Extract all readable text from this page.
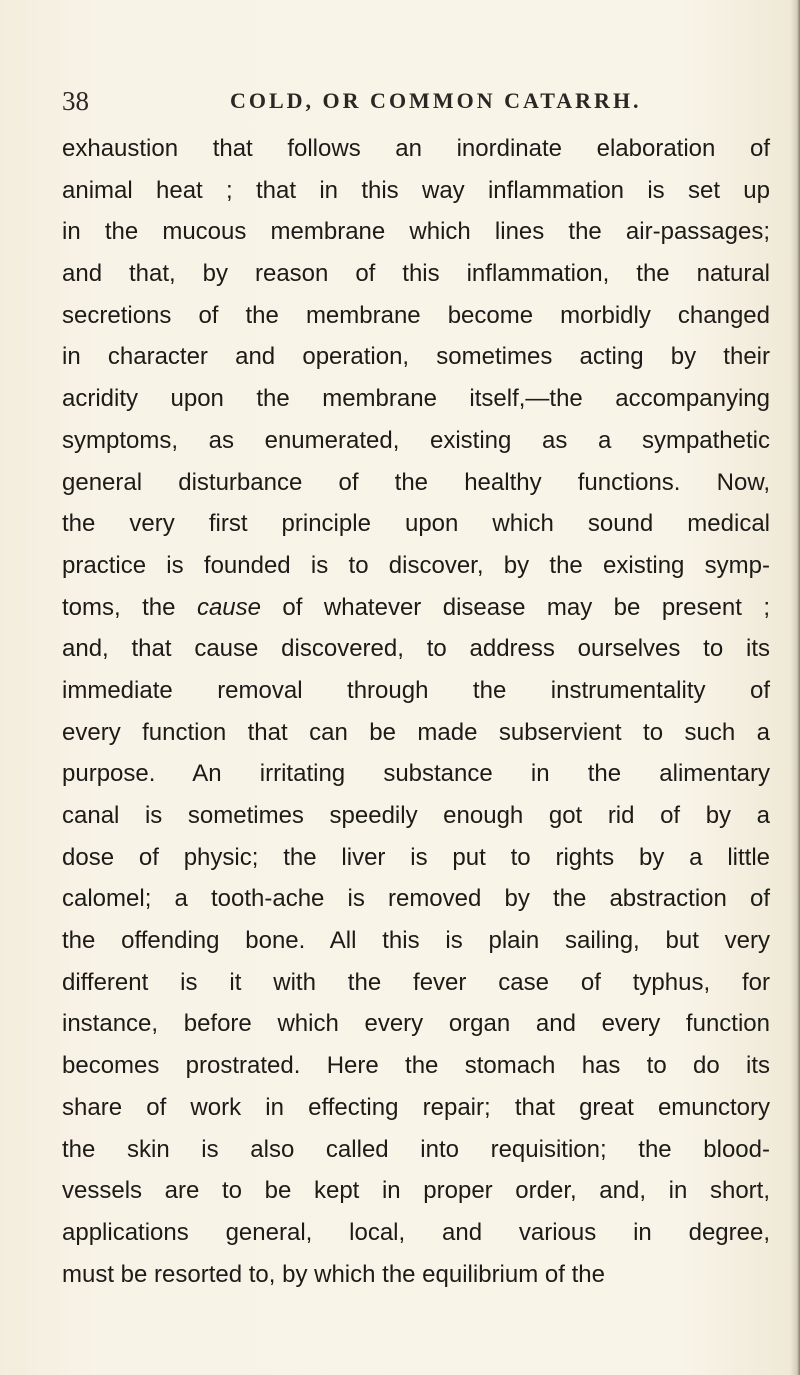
38	COLD, OR COMMON CATARRH.
exhaustion that follows an inordinate elaboration of
animal heat ; that in this way inflammation is set up
in the mucous membrane which lines the air-passages;
and that, by reason of this inflammation, the natural
secretions of the membrane become morbidly changed
in character and operation, sometimes acting by their
acridity upon the membrane itself,—the accompanying
symptoms, as enumerated, existing as a sympathetic
general disturbance of the healthy functions. Now,
the very first principle upon which sound medical
practice is founded is to discover, by the existing symp-
toms, the cause of whatever disease may be present ;
and, that cause discovered, to address ourselves to its
immediate removal through the instrumentality of
every function that can be made subservient to such a
purpose. An irritating substance in the alimentary
canal is sometimes speedily enough got rid of by a
dose of physic; the liver is put to rights by a little
calomel; a tooth-ache is removed by the abstraction of
the offending bone. All this is plain sailing, but very
different is it with the fever case of typhus, for
instance, before which every organ and every function
becomes prostrated. Here the stomach has to do its
share of work in effecting repair; that great emunctory
the skin is also called into requisition; the blood-
vessels are to be kept in proper order, and, in short,
applications general, local, and various in degree,
must be resorted to, by which the equilibrium of the
